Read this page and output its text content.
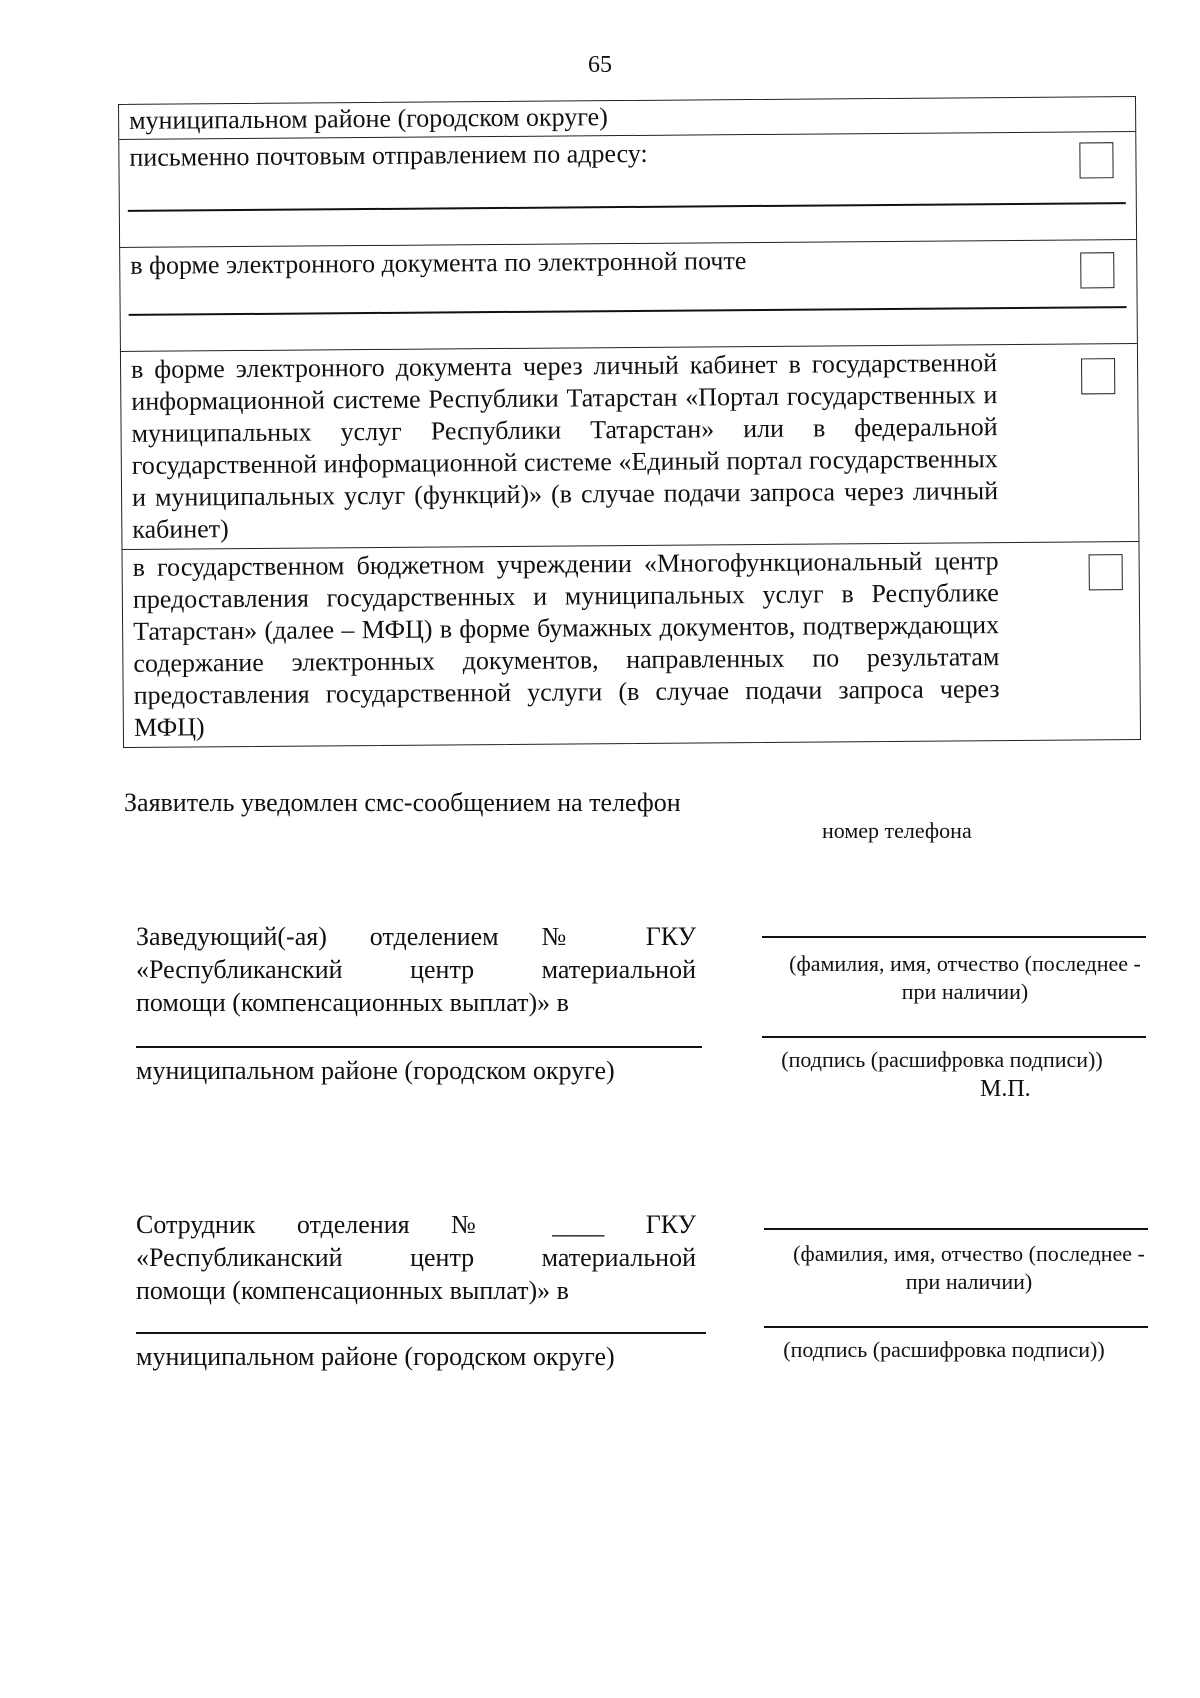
65
муниципальном районе (городском округе)
письменно почтовым отправлением по адресу:
в форме электронного документа по электронной почте
в форме электронного документа через личный кабинет в государственной информационной системе Республики Татарстан «Портал государственных и муниципальных услуг Республики Татарстан» или в федеральной государственной информационной системе «Единый портал государственных и муниципальных услуг (функций)» (в случае подачи запроса через личный кабинет)
в государственном бюджетном учреждении «Многофункциональный центр предоставления государственных и муниципальных услуг в Республике Татарстан» (далее – МФЦ) в форме бумажных документов, подтверждающих содержание электронных документов, направленных по результатам предоставления государственной услуги (в случае подачи запроса через МФЦ)
Заявитель уведомлен смс-сообщением на телефон
номер телефона
Заведующий(-ая) отделением № ГКУ
«Республиканский центр материальной
помощи (компенсационных выплат)» в
муниципальном районе (городском округе)
(фамилия, имя, отчество (последнее -
при наличии)
(подпись (расшифровка подписи))
М.П.
Сотрудник отделения № ____ ГКУ
«Республиканский центр материальной
помощи (компенсационных выплат)» в
муниципальном районе (городском округе)
(фамилия, имя, отчество (последнее -
при наличии)
(подпись (расшифровка подписи))
